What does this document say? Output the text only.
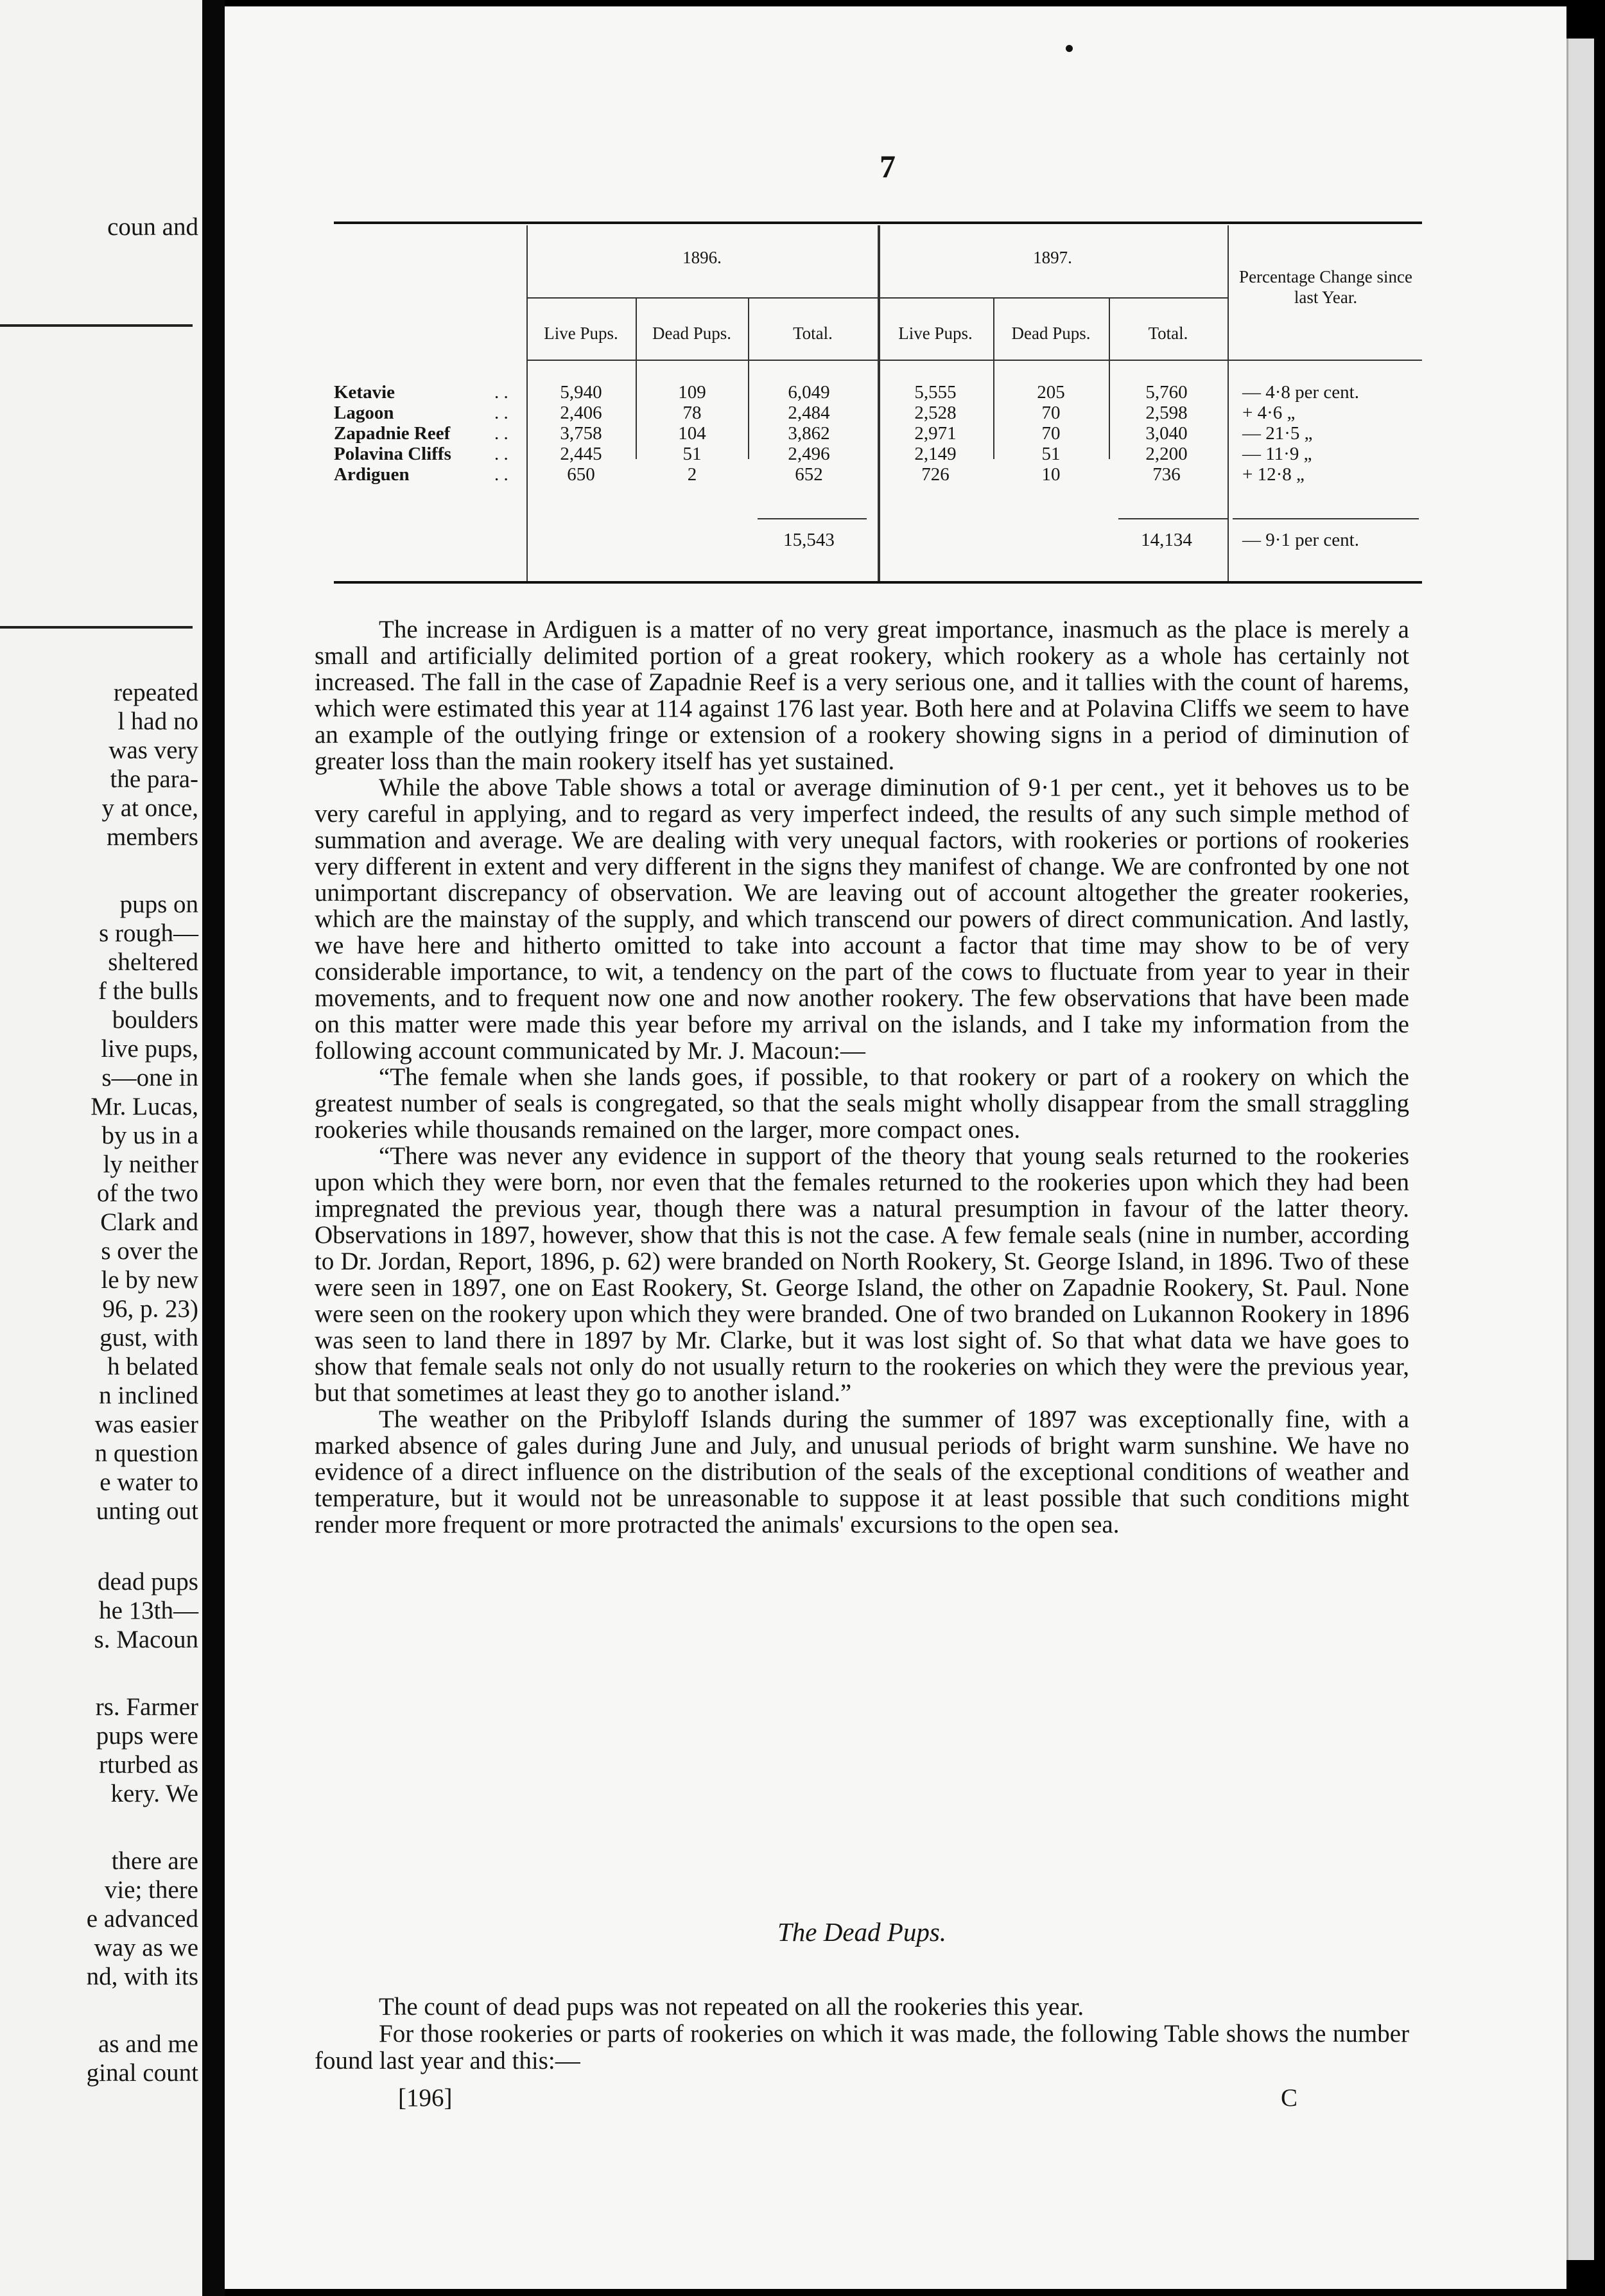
coun and
repeated
l had no
was very
the para-
y at once,
members
pups on
s rough—
sheltered
f the bulls
boulders
live pups,
s—one in
Mr. Lucas,
by us in a
ly neither
of the two
Clark and
s over the
le by new
96, p. 23)
gust, with
h belated
n inclined
was easier
n question
e water to
unting out
dead pups
he 13th—
s. Macoun
rs. Farmer
pups were
rturbed as
kery. We
there are
vie; there
e advanced
way as we
nd, with its
as and me
ginal count
7
1896.	1897.
Percentage Change since last Year.
Live Pups.	Dead Pups.	Total.	Live Pups.	Dead Pups.	Total.
Ketavie	. .	5,940	109	6,049	5,555	205	5,760	— 4·8 per cent.
Lagoon	. .	2,406	78	2,484	2,528	70	2,598	+ 4·6 „
Zapadnie Reef . .	3,758	104	3,862	2,971	70	3,040	— 21·5 „
Polavina Cliffs . .	2,445	51	2,496	2,149	51	2,200	— 11·9 „
Ardiguen	. .	650	2	652	726	10	736	+ 12·8 „
15,543	14,134	— 9·1 per cent.

The increase in Ardiguen is a matter of no very great importance, inasmuch as the place is merely a small and artificially delimited portion of a great rookery, which rookery as a whole has certainly not increased. The fall in the case of Zapadnie Reef is a very serious one, and it tallies with the count of harems, which were estimated this year at 114 against 176 last year. Both here and at Polavina Cliffs we seem to have an example of the outlying fringe or extension of a rookery showing signs in a period of diminution of greater loss than the main rookery itself has yet sustained.

While the above Table shows a total or average diminution of 9·1 per cent., yet it behoves us to be very careful in applying, and to regard as very imperfect indeed, the results of any such simple method of summation and average. We are dealing with very unequal factors, with rookeries or portions of rookeries very different in extent and very different in the signs they manifest of change. We are confronted by one not unimportant discrepancy of observation. We are leaving out of account altogether the greater rookeries, which are the mainstay of the supply, and which transcend our powers of direct communication. And lastly, we have here and hitherto omitted to take into account a factor that time may show to be of very considerable importance, to wit, a tendency on the part of the cows to fluctuate from year to year in their movements, and to frequent now one and now another rookery. The few observations that have been made on this matter were made this year before my arrival on the islands, and I take my information from the following account communicated by Mr. J. Macoun:—

“The female when she lands goes, if possible, to that rookery or part of a rookery on which the greatest number of seals is congregated, so that the seals might wholly disappear from the small straggling rookeries while thousands remained on the larger, more compact ones.

“There was never any evidence in support of the theory that young seals returned to the rookeries upon which they were born, nor even that the females returned to the rookeries upon which they had been impregnated the previous year, though there was a natural presumption in favour of the latter theory. Observations in 1897, however, show that this is not the case. A few female seals (nine in number, according to Dr. Jordan, Report, 1896, p. 62) were branded on North Rookery, St. George Island, in 1896. Two of these were seen in 1897, one on East Rookery, St. George Island, the other on Zapadnie Rookery, St. Paul. None were seen on the rookery upon which they were branded. One of two branded on Lukannon Rookery in 1896 was seen to land there in 1897 by Mr. Clarke, but it was lost sight of. So that what data we have goes to show that female seals not only do not usually return to the rookeries on which they were the previous year, but that sometimes at least they go to another island.”

The weather on the Pribyloff Islands during the summer of 1897 was exceptionally fine, with a marked absence of gales during June and July, and unusual periods of bright warm sunshine. We have no evidence of a direct influence on the distribution of the seals of the exceptional conditions of weather and temperature, but it would not be unreasonable to suppose it at least possible that such conditions might render more frequent or more protracted the animals' excursions to the open sea.

The Dead Pups.

The count of dead pups was not repeated on all the rookeries this year.

For those rookeries or parts of rookeries on which it was made, the following Table shows the number found last year and this:—

[196]	C
